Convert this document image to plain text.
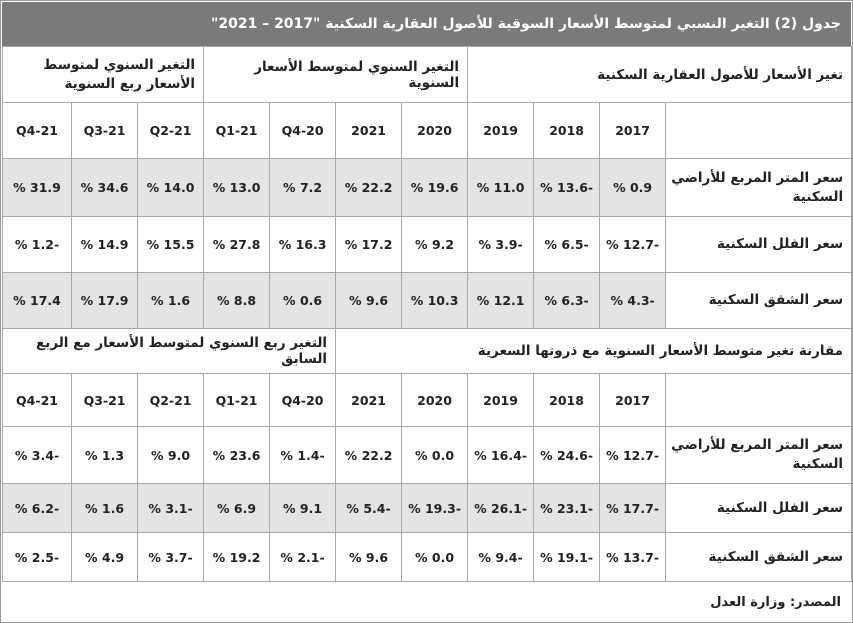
جدول (2) التغير النسبي لمتوسط الأسعار السوقية للأصول العقارية السكنية "2017 – 2021"
تغير الأسعار للأصول العقارية السكنية				التغير السنوي لمتوسط الأسعار السنوية				التغير السنوي لمتوسط الأسعار ربع السنوية		
	2017	2018	2019	2020	2021	20-Q4	21-Q1	21-Q2	21-Q3	21-Q4
سعر المتر المربع للأراضي السكنية	0.9 %	-13.6 %	11.0 %	19.6 %	22.2 %	7.2 %	13.0 %	14.0 %	34.6 %	31.9 %
سعر الفلل السكنية	-12.7 %	-6.5 %	-3.9 %	9.2 %	17.2 %	16.3 %	27.8 %	15.5 %	14.9 %	-1.2 %
سعر الشقق السكنية	-4.3 %	-6.3 %	12.1 %	10.3 %	9.6 %	0.6 %	8.8 %	1.6 %	17.9 %	17.4 %
مقارنة تغير متوسط الأسعار السنوية مع ذروتها السعرية						التغير ربع السنوي لمتوسط الأسعار مع الربع السابق				
	2017	2018	2019	2020	2021	20-Q4	21-Q1	21-Q2	21-Q3	21-Q4
سعر المتر المربع للأراضي السكنية	-12.7 %	-24.6 %	-16.4 %	0.0 %	22.2 %	-1.4 %	23.6 %	9.0 %	1.3 %	-3.4 %
سعر الفلل السكنية	-17.7 %	-23.1 %	-26.1 %	-19.3 %	-5.4 %	9.1 %	6.9 %	-3.1 %	1.6 %	-6.2 %
سعر الشقق السكنية	-13.7 %	-19.1 %	-9.4 %	0.0 %	9.6 %	-2.1 %	19.2 %	-3.7 %	4.9 %	-2.5 %
المصدر: وزارة العدل
